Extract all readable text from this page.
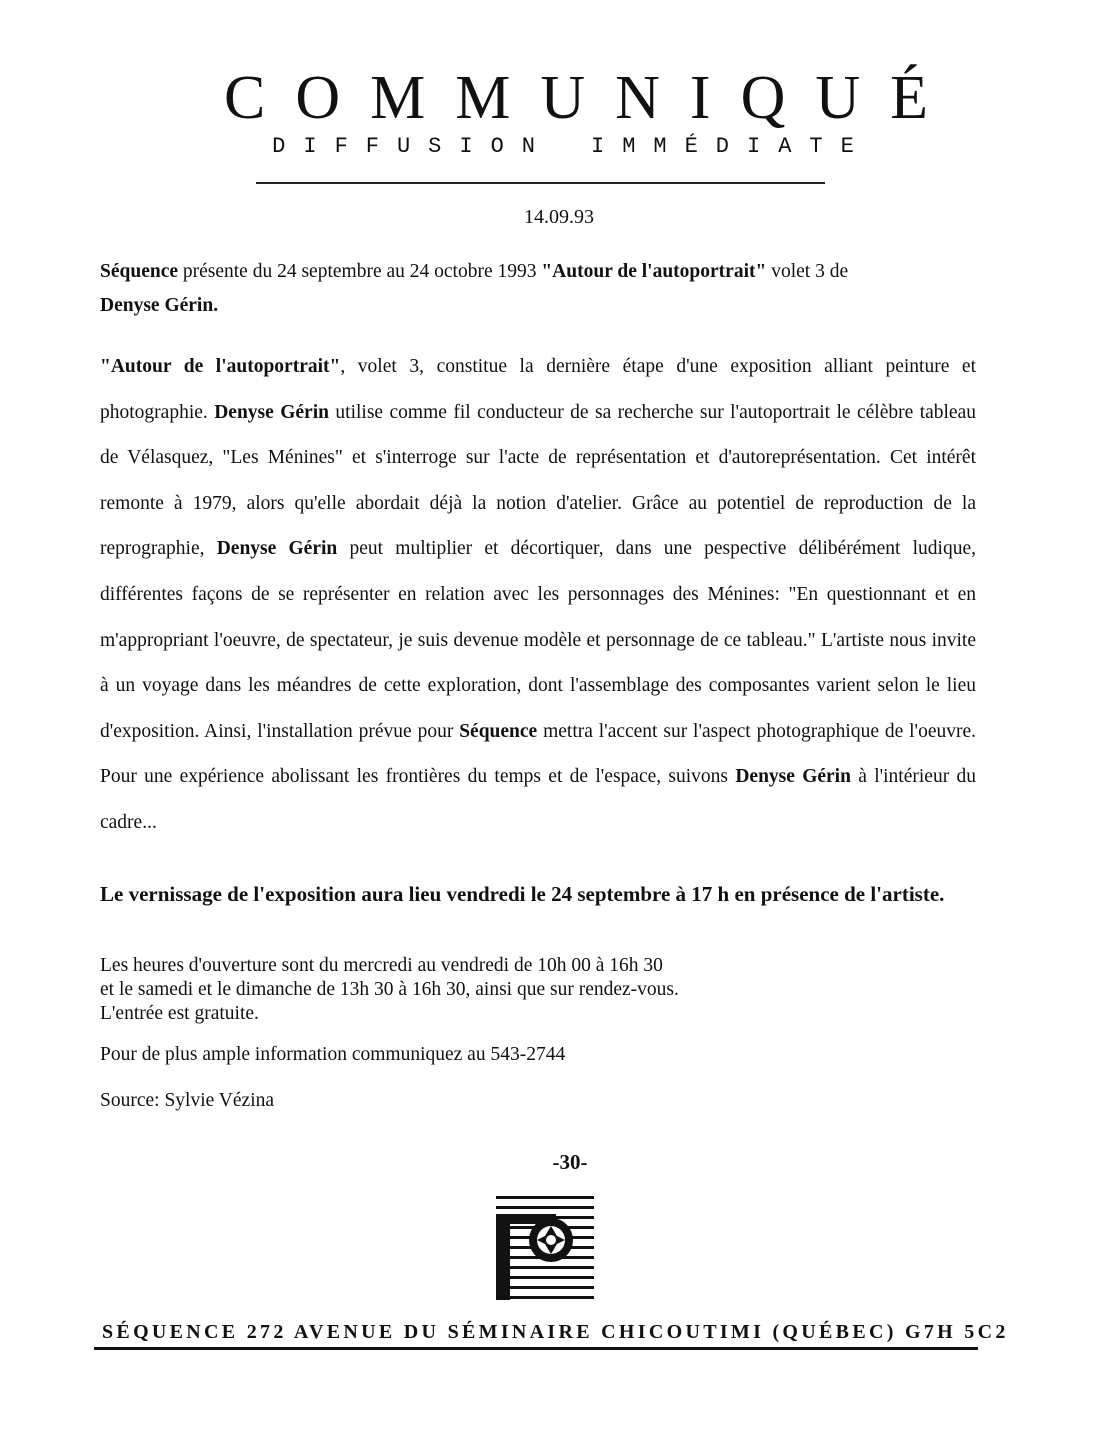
COMMUNIQUÉ
DIFFUSION IMMÉDIATE
14.09.93
Séquence présente du 24 septembre au 24 octobre 1993 "Autour de l'autoportrait" volet 3 de
Denyse Gérin.
"Autour de l'autoportrait", volet 3, constitue la dernière étape d'une exposition alliant peinture et photographie. Denyse Gérin utilise comme fil conducteur de sa recherche sur l'autoportrait le célèbre tableau de Vélasquez, "Les Ménines" et s'interroge sur l'acte de représentation et d'autoreprésentation. Cet intérêt remonte à 1979, alors qu'elle abordait déjà la notion d'atelier. Grâce au potentiel de reproduction de la reprographie, Denyse Gérin peut multiplier et décortiquer, dans une pespective délibérément ludique, différentes façons de se représenter en relation avec les personnages des Ménines: "En questionnant et en m'appropriant l'oeuvre, de spectateur, je suis devenue modèle et personnage de ce tableau." L'artiste nous invite à un voyage dans les méandres de cette exploration, dont l'assemblage des composantes varient selon le lieu d'exposition. Ainsi, l'installation prévue pour Séquence mettra l'accent sur l'aspect photographique de l'oeuvre. Pour une expérience abolissant les frontières du temps et de l'espace, suivons Denyse Gérin à l'intérieur du cadre...
Le vernissage de l'exposition aura lieu vendredi le 24 septembre à 17 h en présence de l'artiste.
Les heures d'ouverture sont du mercredi au vendredi de 10h 00 à 16h 30
et le samedi et le dimanche de 13h 30 à 16h 30, ainsi que sur rendez-vous.
L'entrée est gratuite.
Pour de plus ample information communiquez au 543-2744
Source: Sylvie Vézina
-30-
SÉQUENCE 272 AVENUE DU SÉMINAIRE CHICOUTIMI (QUÉBEC) G7H 5C2
